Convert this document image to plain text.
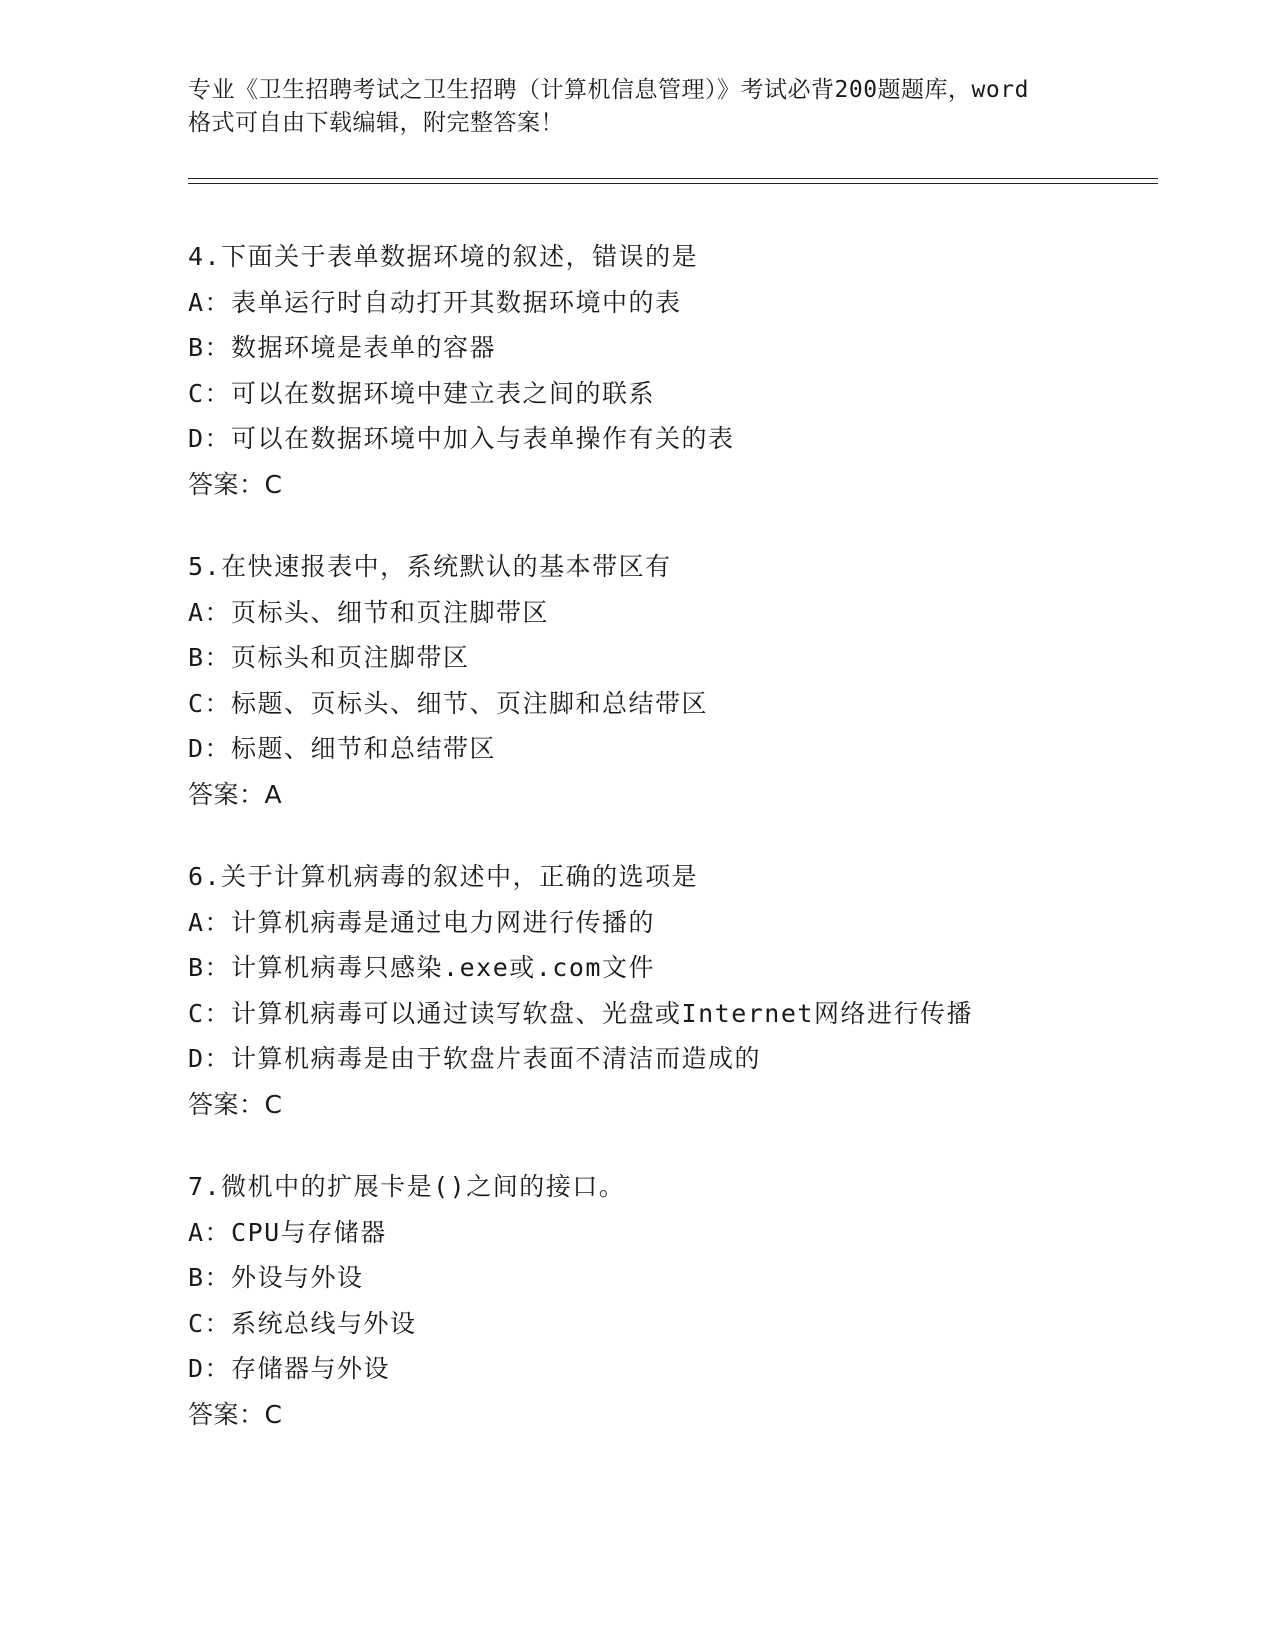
专业《卫生招聘考试之卫生招聘（计算机信息管理）》考试必背200题题库，word
格式可自由下载编辑，附完整答案！
4.下面关于表单数据环境的叙述，错误的是
A：表单运行时自动打开其数据环境中的表
B：数据环境是表单的容器
C：可以在数据环境中建立表之间的联系
D：可以在数据环境中加入与表单操作有关的表
答案：C
5.在快速报表中，系统默认的基本带区有
A：页标头、细节和页注脚带区
B：页标头和页注脚带区
C：标题、页标头、细节、页注脚和总结带区
D：标题、细节和总结带区
答案：A
6.关于计算机病毒的叙述中，正确的选项是
A：计算机病毒是通过电力网进行传播的
B：计算机病毒只感染.exe或.com文件
C：计算机病毒可以通过读写软盘、光盘或Internet网络进行传播
D：计算机病毒是由于软盘片表面不清洁而造成的
答案：C
7.微机中的扩展卡是()之间的接口。
A：CPU与存储器
B：外设与外设
C：系统总线与外设
D：存储器与外设
答案：C
